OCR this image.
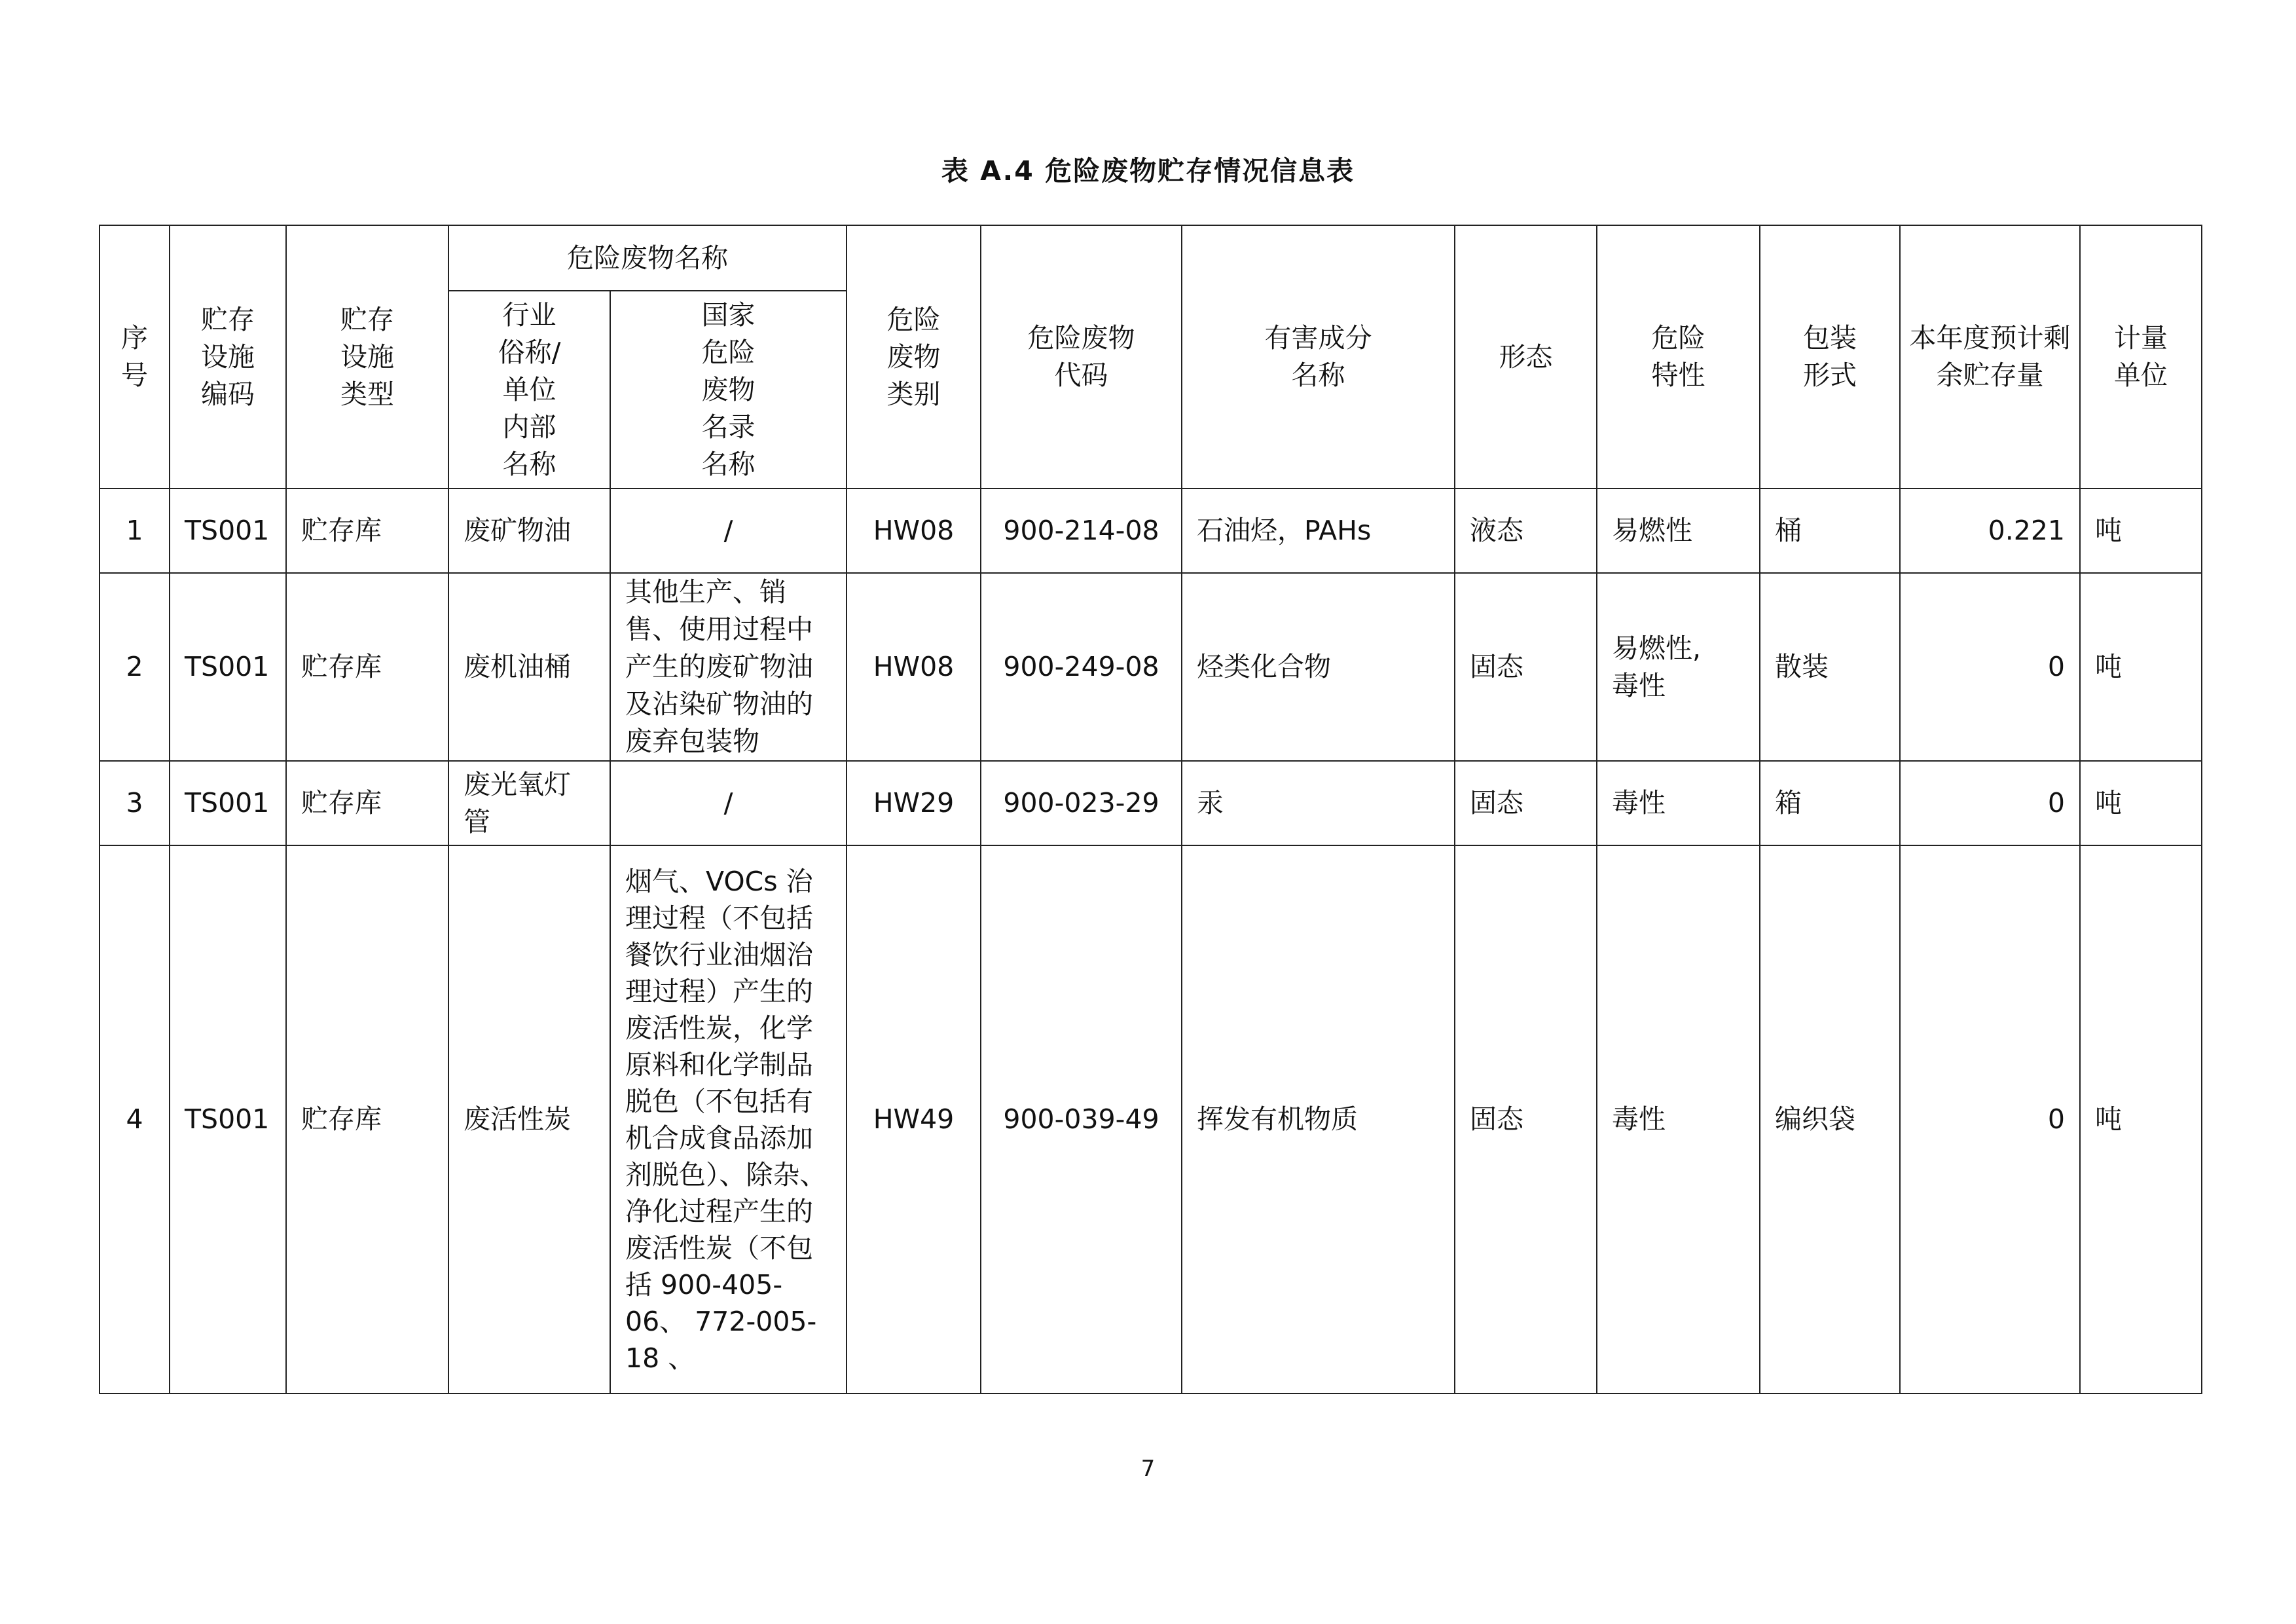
表 A.4 危险废物贮存情况信息表
序号	贮存设施编码	贮存设施类型	危险废物名称		危险废物类别	危险废物代码	有害成分名称	形态	危险特性	包装形式	本年度预计剩余贮存量	计量单位
			行业俗称/单位内部名称	国家危险废物名录名称								
1	TS001	贮存库	废矿物油	/	HW08	900-214-08	石油烃，PAHs	液态	易燃性	桶	0.221	吨
2	TS001	贮存库	废机油桶	其他生产、销售、使用过程中产生的废矿物油及沾染矿物油的废弃包装物	HW08	900-249-08	烃类化合物	固态	易燃性,毒性	散装	0	吨
3	TS001	贮存库	废光氧灯管	/	HW29	900-023-29	汞	固态	毒性	箱	0	吨
4	TS001	贮存库	废活性炭	烟气、VOCs 治理过程（不包括餐饮行业油烟治理过程）产生的废活性炭，化学原料和化学制品脱色（不包括有机合成食品添加剂脱色）、除杂、净化过程产生的废活性炭（不包括 900-405-06、 772-005-18 、	HW49	900-039-49	挥发有机物质	固态	毒性	编织袋	0	吨
7
